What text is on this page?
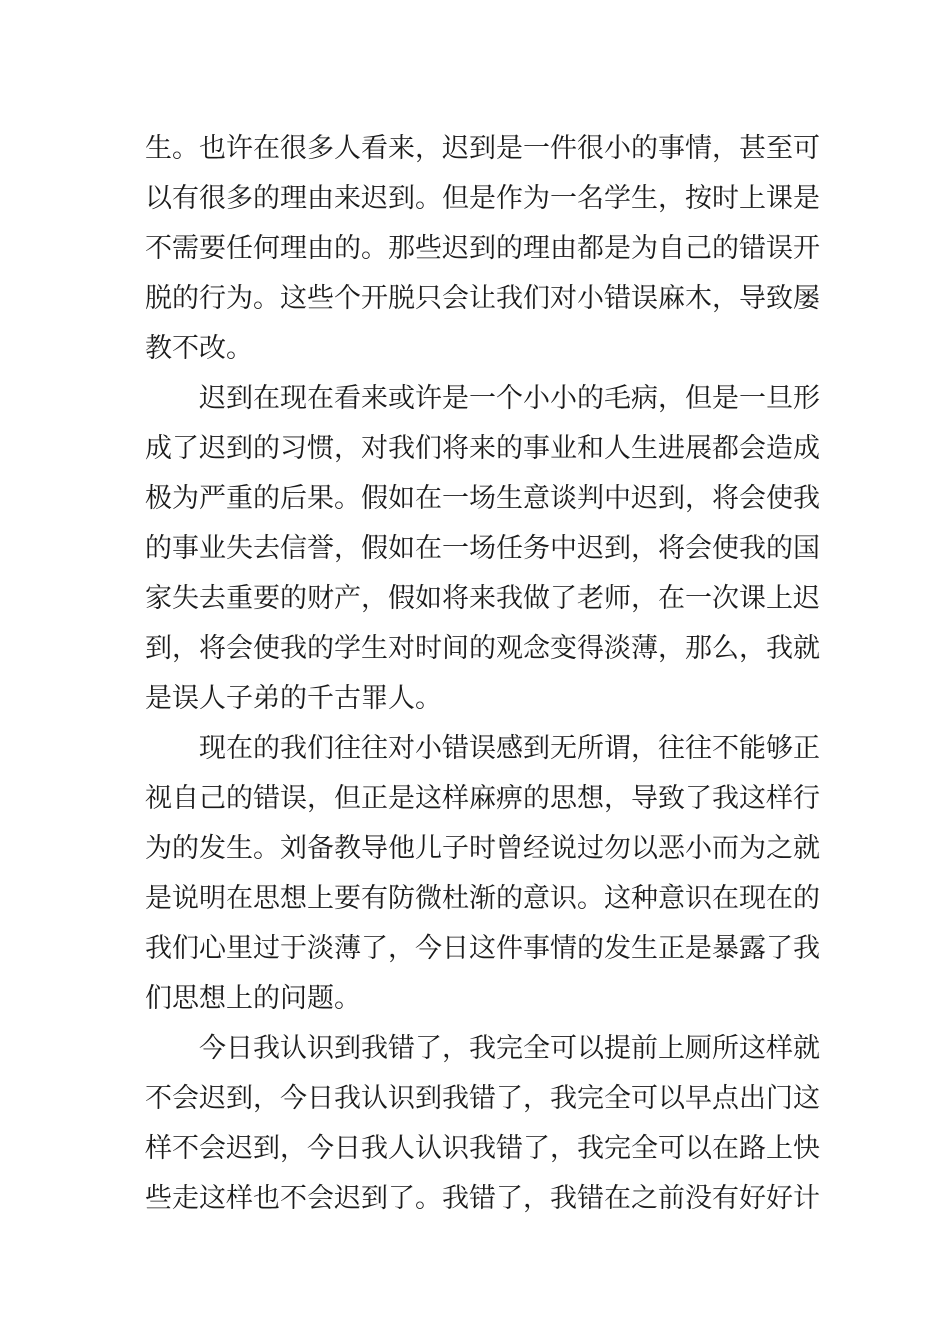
生。也许在很多人看来，迟到是一件很小的事情，甚至可

以有很多的理由来迟到。但是作为一名学生，按时上课是

不需要任何理由的。那些迟到的理由都是为自己的错误开

脱的行为。这些个开脱只会让我们对小错误麻木，导致屡

教不改。

迟到在现在看来或许是一个小小的毛病，但是一旦形

成了迟到的习惯，对我们将来的事业和人生进展都会造成

极为严重的后果。假如在一场生意谈判中迟到，将会使我

的事业失去信誉，假如在一场任务中迟到，将会使我的国

家失去重要的财产，假如将来我做了老师，在一次课上迟

到，将会使我的学生对时间的观念变得淡薄，那么，我就

是误人子弟的千古罪人。

现在的我们往往对小错误感到无所谓，往往不能够正

视自己的错误，但正是这样麻痹的思想，导致了我这样行

为的发生。刘备教导他儿子时曾经说过勿以恶小而为之就

是说明在思想上要有防微杜渐的意识。这种意识在现在的

我们心里过于淡薄了，今日这件事情的发生正是暴露了我

们思想上的问题。

今日我认识到我错了，我完全可以提前上厕所这样就

不会迟到，今日我认识到我错了，我完全可以早点出门这

样不会迟到，今日我人认识我错了，我完全可以在路上快

些走这样也不会迟到了。我错了，我错在之前没有好好计
